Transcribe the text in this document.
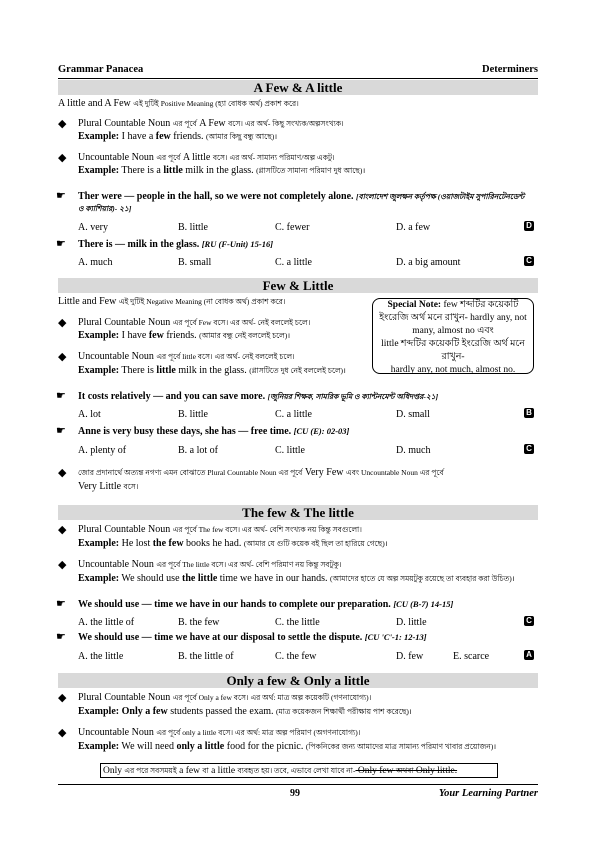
Grammar Panacea	Determiners
A Few & A little
A little and A Few এই দুটিই Positive Meaning (হ্যা বোধক অর্থ) প্রকাশ করে।
◆ Plural Countable Noun এর পূর্বে A Few বসে। এর অর্থ- কিছু সংখ্যক/অল্পসংখ্যক।
Example: I have a few friends. (আমার কিছু বন্ধু আছে)।
◆ Uncountable Noun এর পূর্বে A little বসে। এর অর্থ- সামান্য পরিমাণ/অল্প একটু।
Example: There is a little milk in the glass. (গ্লাসটিতে সামান্য পরিমাণ দুধ আছে)।
☛ Ther were — people in the hall, so we were not completely alone. [বাংলাদেশ জুলক্ষন কর্তৃপক্ষ (ওয়াজটাইম সুপারিনটেনডেন্ট
ও ক্যাশিয়ার)- ২১]
A. very	B. little	C. fewer	D. a few	D
☛ There is — milk in the glass. [RU (F-Unit) 15-16]
A. much	B. small	C. a little	D. a big amount	C
Few & Little
Little and Few এই দুটিই Negative Meaning (না বোধক অর্থ) প্রকাশ করে।	Special Note: few শব্দটির কয়েকটি
ইংরেজি অর্থ মনে রাখুন- hardly any, not
many, almost no এবং
little শব্দটির কয়েকটি ইংরেজি অর্থ মনে রাখুন-
hardly any, not much, almost no.
◆ Plural Countable Noun এর পূর্বে Few বসে। এর অর্থ- নেই বললেই চলে।
Example: I have few friends. (আমার বন্ধু নেই বললেই চলে)।
◆ Uncountable Noun এর পূর্বে little বসে। এর অর্থ- নেই বললেই চলে।
Example: There is little milk in the glass. (গ্লাসটিতে দুধ নেই বললেই চলে)।
☛ It costs relatively — and you can save more. [জুনিয়র শিক্ষক, সামরিক ভূমি ও ক্যান্টনমেন্ট অধিদপ্তর-২১]
A. lot	B. little	C. a little	D. small	B
☛ Anne is very busy these days, she has — free time. [CU (E): 02-03]
A. plenty of	B. a lot of	C. little	D. much	C
◆ জোর প্রদানার্থে অত্যন্ত নগণ্য এমন বোঝাতে Plural Countable Noun এর পূর্বে Very Few এবং Uncountable Noun এর পূর্বে
Very Little বসে।
The few & The little
◆ Plural Countable Noun এর পূর্বে The few বসে। এর অর্থ- বেশি সংখ্যক নয় কিন্তু সবগুলো।
Example: He lost the few books he had. (আমার যে গুটি কয়েক বই ছিল তা হারিয়ে গেছে)।
◆ Uncountable Noun এর পূর্বে The little বসে। এর অর্থ- বেশি পরিমাণ নয় কিন্তু সবটুকু।
Example: We should use the little time we have in our hands. (আমাদের হাতে যে অল্প সময়টুকু রয়েছে তা ব্যবহার করা উচিত)।
☛ We should use — time we have in our hands to complete our preparation. [CU (B-7) 14-15]
A. the little of	B. the few	C. the little	D. little	C
☛ We should use — time we have at our disposal to settle the dispute. [CU 'C'-1: 12-13]
A. the little	B. the little of	C. the few	D. few	E. scarce	A
Only a few & Only a little
◆ Plural Countable Noun এর পূর্বে Only a few বসে। এর অর্থ: মাত্র অল্প কয়েকটি (গণনাযোগ্য)।
Example: Only a few students passed the exam. (মাত্র কয়েকজন শিক্ষার্থী পরীক্ষায় পাশ করেছে)।
◆ Uncountable Noun এর পূর্বে only a little বসে। এর অর্থ: মাত্র অল্প পরিমাণ (অগণনাযোগ্য)।
Example: We will need only a little food for the picnic. (পিকনিকের জন্য আমাদের মাত্র সামান্য পরিমাণ খাবার প্রয়োজন)।
Only এর পরে সবসময়ই a few বা a little ব্যবহৃত হয়। তবে, এভাবে লেখা যাবে না- Only few অথবা Only little.
99	Your Learning Partner
